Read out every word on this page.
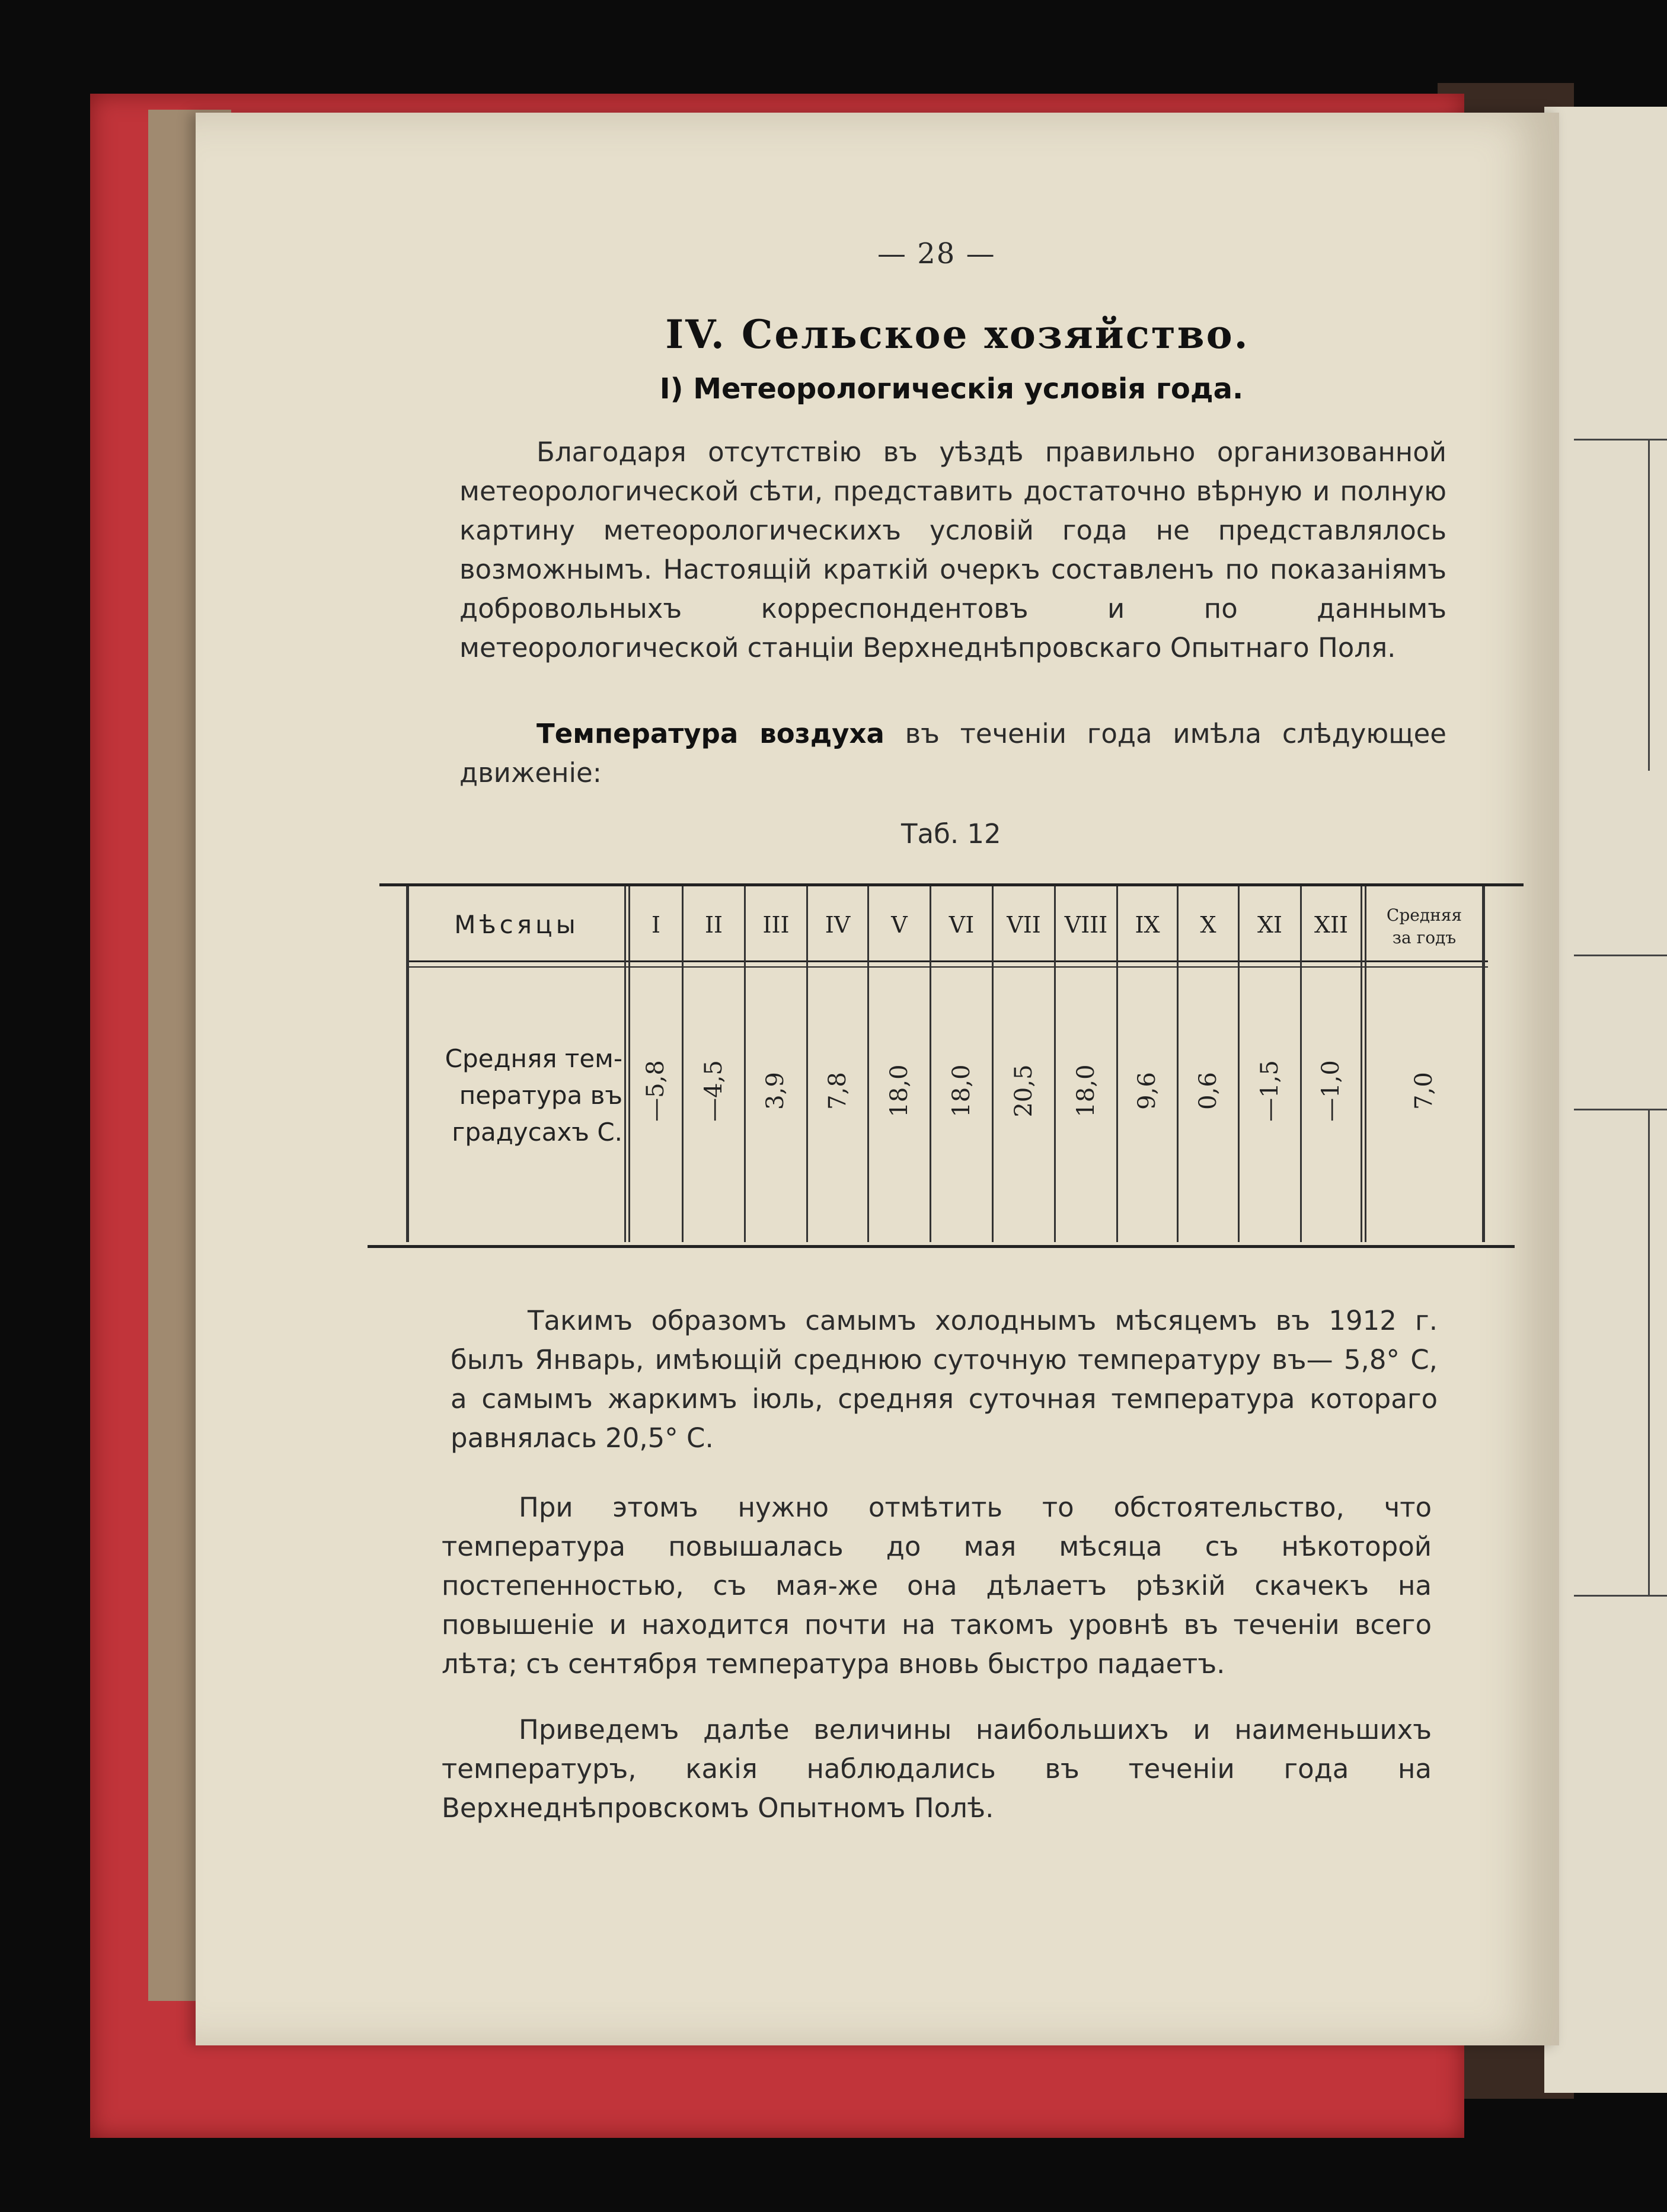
— 28 —
IV. Сельское хозяйство.
I) Метеорологическія условія года.

Благодаря отсутствію въ уѣздѣ правильно организованной метеорологической сѣти, представить достаточно вѣрную и полную картину метеорологическихъ условій года не представлялось возможнымъ. Настоящій краткій очеркъ составленъ по показаніямъ добровольныхъ корреспондентовъ и по даннымъ метеорологической станціи Верхнеднѣпровскаго Опытнаго Поля.

Температура воздуха въ теченіи года имѣла слѣдующее движеніе:

Таб. 12
Мѣсяцы	I	II	III	IV	V	VI	VII	VIII	IX	X	XI	XII	Средняя
за годъ
Средняя тем-
пература въ
градусахъ С.
—5,8	—4,5	3,9	7,8	18,0	18,0	20,5	18,0	9,6	0,6	—1,5	—1,0	7,0

Такимъ образомъ самымъ холоднымъ мѣсяцемъ въ 1912 г. былъ Январь, имѣющій среднюю суточную температуру въ— 5,8° С, а самымъ жаркимъ іюль, средняя суточная температура котораго равнялась 20,5° С.

При этомъ нужно отмѣтить то обстоятельство, что температура повышалась до мая мѣсяца съ нѣкоторой постепенностью, съ мая-же она дѣлаетъ рѣзкій скачекъ на повышеніе и находится почти на такомъ уровнѣ въ теченіи всего лѣта; съ сентября температура вновь быстро падаетъ.

Приведемъ далѣе величины наибольшихъ и наименьшихъ температуръ, какія наблюдались въ теченіи года на Верхнеднѣпровскомъ Опытномъ Полѣ.
